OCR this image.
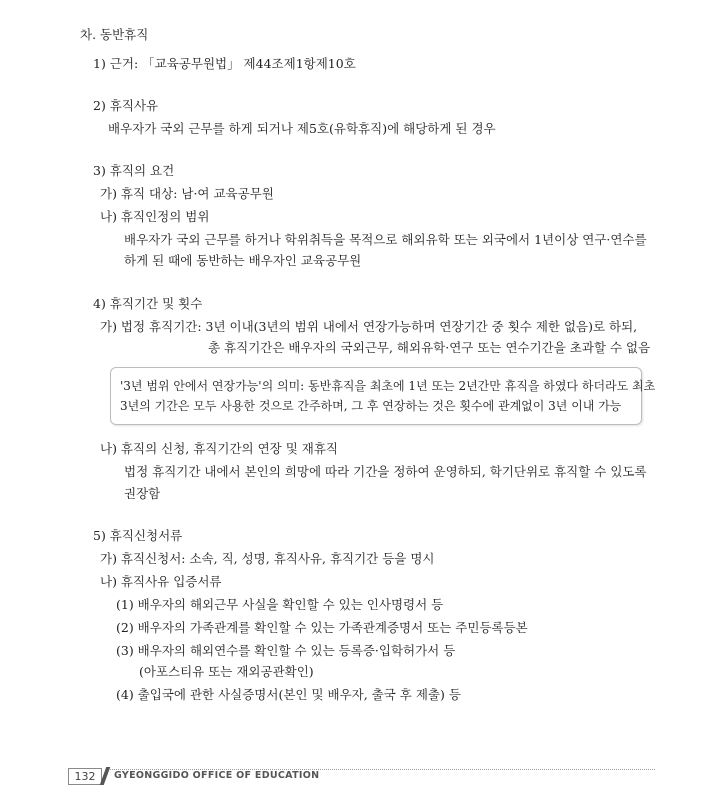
차. 동반휴직
1) 근거: 「교육공무원법」 제44조제1항제10호
2) 휴직사유
배우자가 국외 근무를 하게 되거나 제5호(유학휴직)에 해당하게 된 경우
3) 휴직의 요건
가) 휴직 대상: 남·여 교육공무원
나) 휴직인정의 범위
배우자가 국외 근무를 하거나 학위취득을 목적으로 해외유학 또는 외국에서 1년이상 연구·연수를
하게 된 때에 동반하는 배우자인 교육공무원
4) 휴직기간 및 횟수
가) 법정 휴직기간: 3년 이내(3년의 범위 내에서 연장가능하며 연장기간 중 횟수 제한 없음)로 하되,
총 휴직기간은 배우자의 국외근무, 해외유학·연구 또는 연수기간을 초과할 수 없음
'3년 범위 안에서 연장가능'의 의미: 동반휴직을 최초에 1년 또는 2년간만 휴직을 하였다 하더라도 최초
3년의 기간은 모두 사용한 것으로 간주하며, 그 후 연장하는 것은 횟수에 관계없이 3년 이내 가능
나) 휴직의 신청, 휴직기간의 연장 및 재휴직
법정 휴직기간 내에서 본인의 희망에 따라 기간을 정하여 운영하되, 학기단위로 휴직할 수 있도록
권장함
5) 휴직신청서류
가) 휴직신청서: 소속, 직, 성명, 휴직사유, 휴직기간 등을 명시
나) 휴직사유 입증서류
(1) 배우자의 해외근무 사실을 확인할 수 있는 인사명령서 등
(2) 배우자의 가족관계를 확인할 수 있는 가족관계증명서 또는 주민등록등본
(3) 배우자의 해외연수를 확인할 수 있는 등록증·입학허가서 등
(아포스티유 또는 재외공관확인)
(4) 출입국에 관한 사실증명서(본인 및 배우자, 출국 후 제출) 등
132	GYEONGGIDO OFFICE OF EDUCATION
